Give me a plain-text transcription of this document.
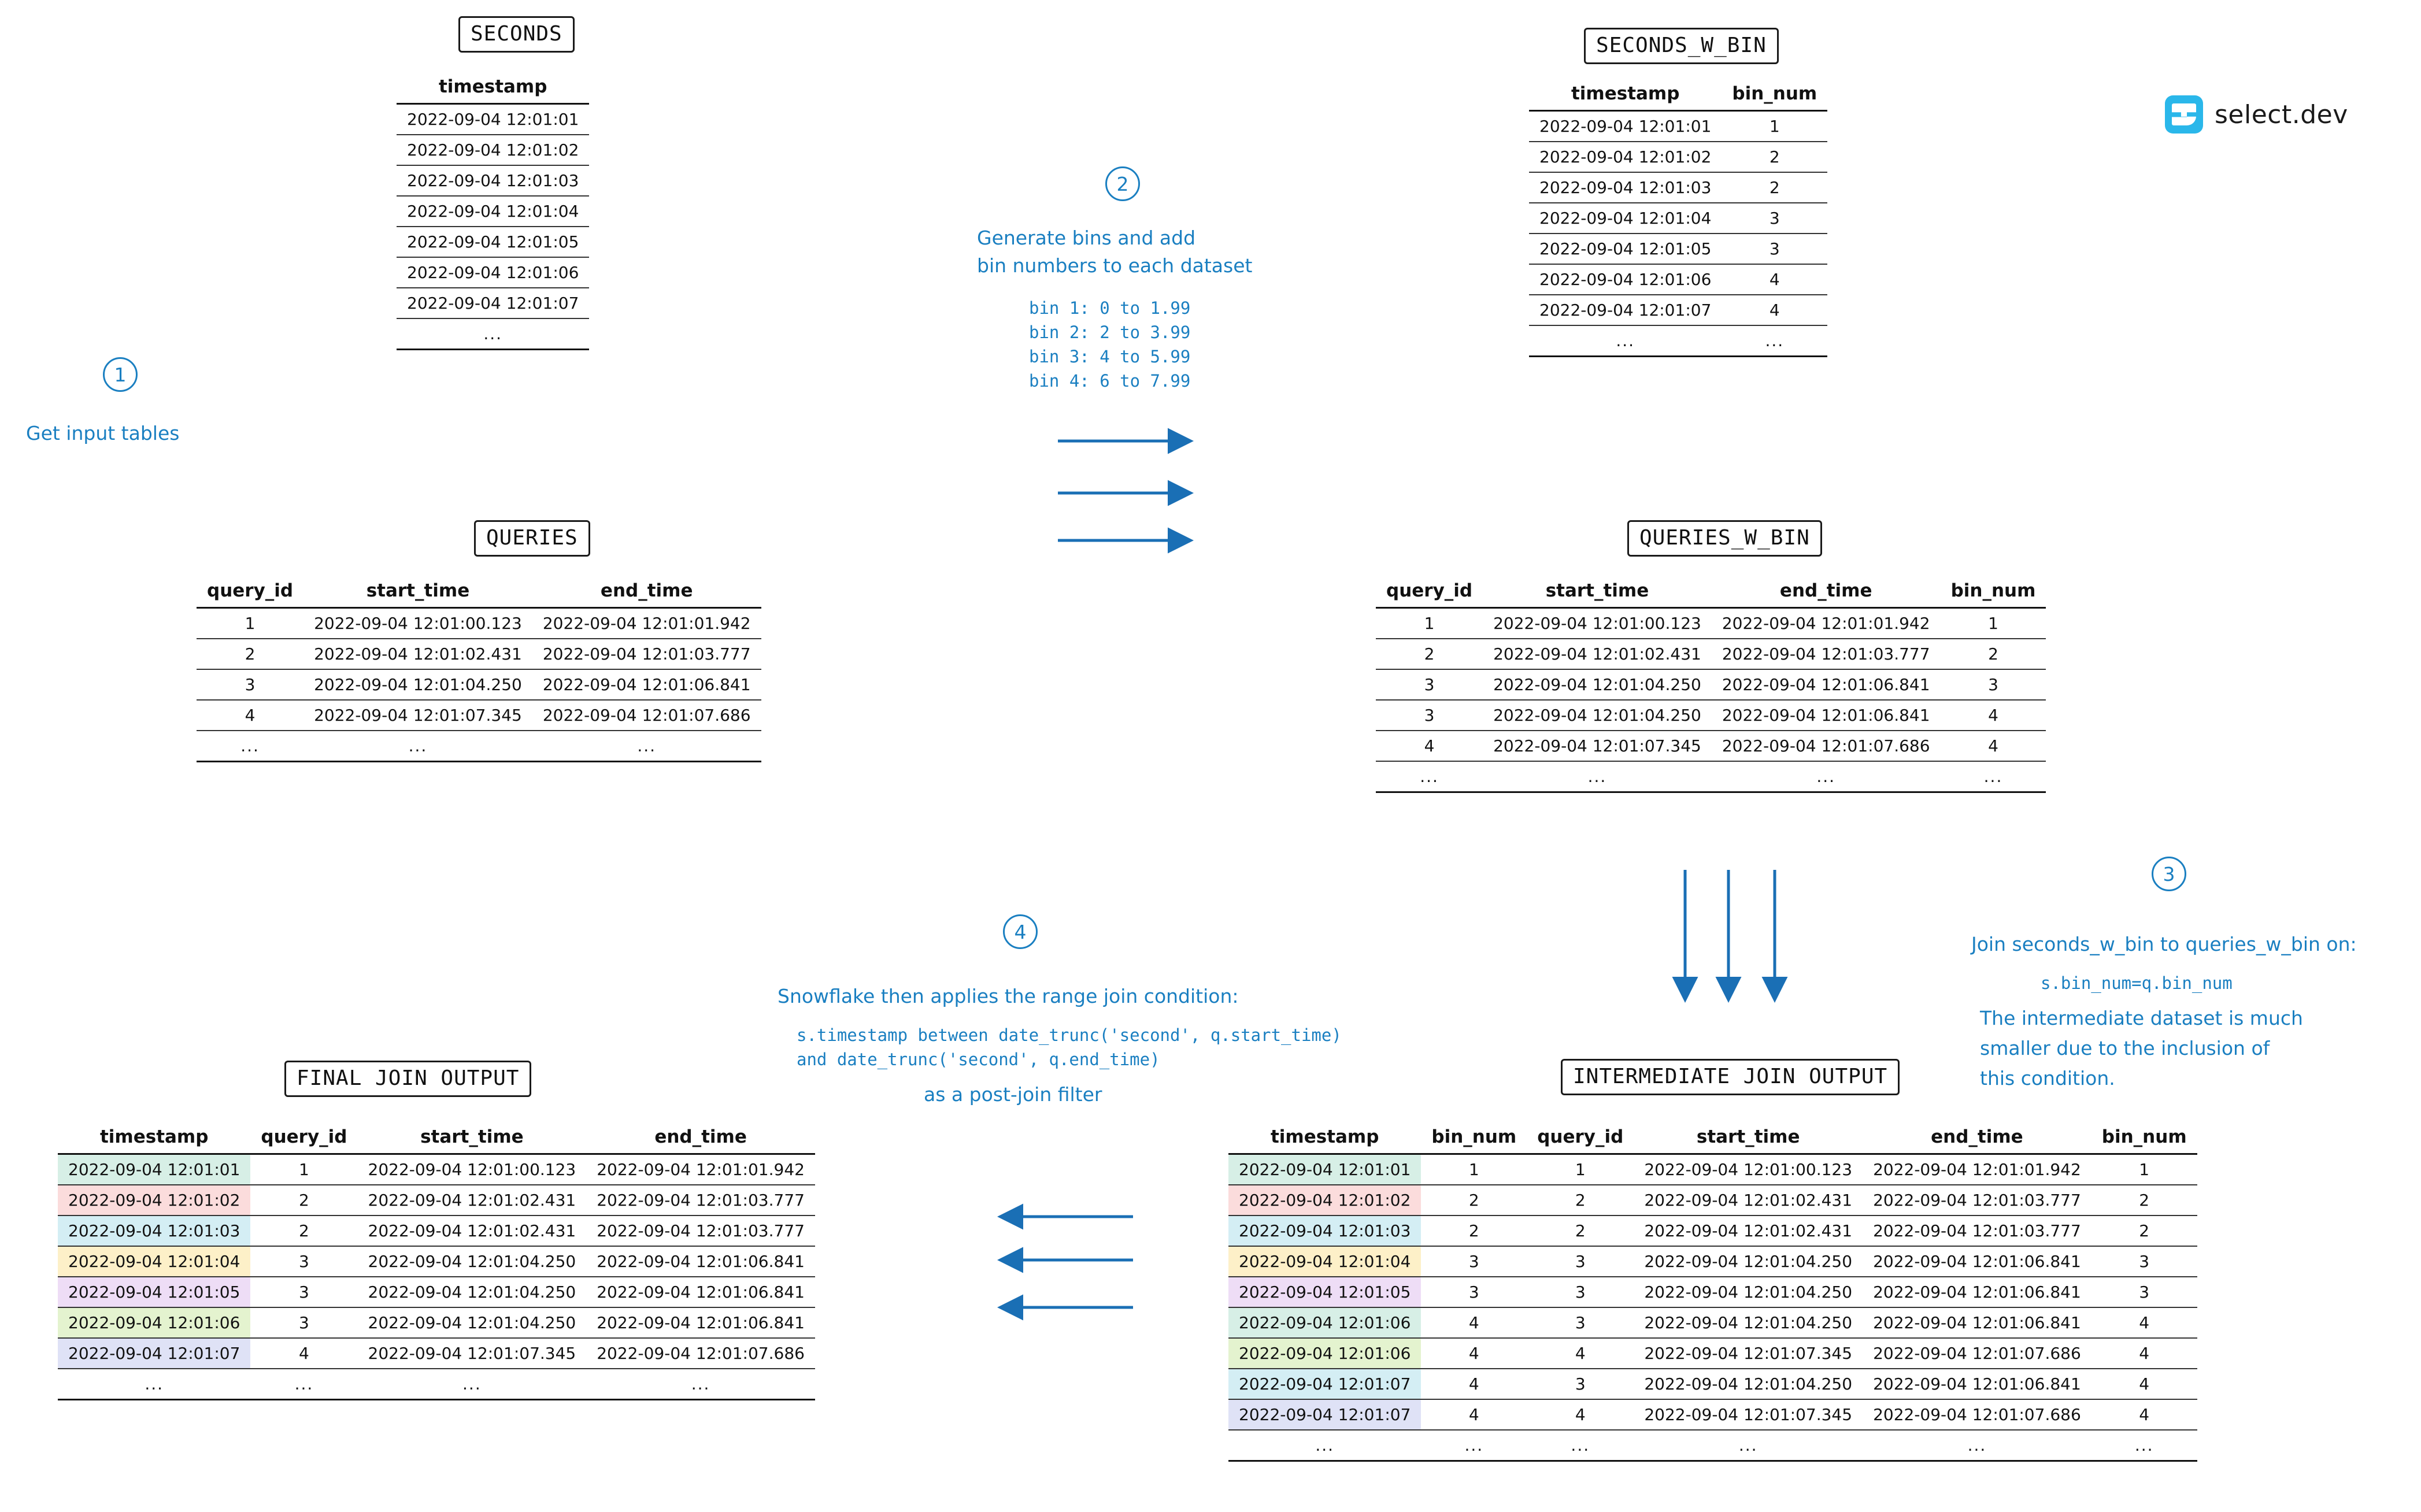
select.dev
1
Get input tables
SECONDS
timestamp
2022-09-04 12:01:01
2022-09-04 12:01:02
2022-09-04 12:01:03
2022-09-04 12:01:04
2022-09-04 12:01:05
2022-09-04 12:01:06
2022-09-04 12:01:07
...
2
Generate bins and add
bin numbers to each dataset
bin 1: 0 to 1.99
bin 2: 2 to 3.99
bin 3: 4 to 5.99
bin 4: 6 to 7.99
SECONDS_W_BIN
timestamp	bin_num
2022-09-04 12:01:01	1
2022-09-04 12:01:02	2
2022-09-04 12:01:03	2
2022-09-04 12:01:04	3
2022-09-04 12:01:05	3
2022-09-04 12:01:06	4
2022-09-04 12:01:07	4
...	...
QUERIES
query_id	start_time	end_time
1	2022-09-04 12:01:00.123	2022-09-04 12:01:01.942
2	2022-09-04 12:01:02.431	2022-09-04 12:01:03.777
3	2022-09-04 12:01:04.250	2022-09-04 12:01:06.841
4	2022-09-04 12:01:07.345	2022-09-04 12:01:07.686
...	...	...
QUERIES_W_BIN
query_id	start_time	end_time	bin_num
1	2022-09-04 12:01:00.123	2022-09-04 12:01:01.942	1
2	2022-09-04 12:01:02.431	2022-09-04 12:01:03.777	2
3	2022-09-04 12:01:04.250	2022-09-04 12:01:06.841	3
3	2022-09-04 12:01:04.250	2022-09-04 12:01:06.841	4
4	2022-09-04 12:01:07.345	2022-09-04 12:01:07.686	4
...	...	...	...
3
Join seconds_w_bin to queries_w_bin on:
s.bin_num=q.bin_num
The intermediate dataset is much
smaller due to the inclusion of
this condition.
4
Snowflake then applies the range join condition:
s.timestamp between date_trunc('second', q.start_time)
and date_trunc('second', q.end_time)
as a post-join filter
FINAL JOIN OUTPUT
timestamp	query_id	start_time	end_time
2022-09-04 12:01:01	1	2022-09-04 12:01:00.123	2022-09-04 12:01:01.942
2022-09-04 12:01:02	2	2022-09-04 12:01:02.431	2022-09-04 12:01:03.777
2022-09-04 12:01:03	2	2022-09-04 12:01:02.431	2022-09-04 12:01:03.777
2022-09-04 12:01:04	3	2022-09-04 12:01:04.250	2022-09-04 12:01:06.841
2022-09-04 12:01:05	3	2022-09-04 12:01:04.250	2022-09-04 12:01:06.841
2022-09-04 12:01:06	3	2022-09-04 12:01:04.250	2022-09-04 12:01:06.841
2022-09-04 12:01:07	4	2022-09-04 12:01:07.345	2022-09-04 12:01:07.686
...	...	...	...
INTERMEDIATE JOIN OUTPUT
timestamp	bin_num	query_id	start_time	end_time	bin_num
2022-09-04 12:01:01	1	1	2022-09-04 12:01:00.123	2022-09-04 12:01:01.942	1
2022-09-04 12:01:02	2	2	2022-09-04 12:01:02.431	2022-09-04 12:01:03.777	2
2022-09-04 12:01:03	2	2	2022-09-04 12:01:02.431	2022-09-04 12:01:03.777	2
2022-09-04 12:01:04	3	3	2022-09-04 12:01:04.250	2022-09-04 12:01:06.841	3
2022-09-04 12:01:05	3	3	2022-09-04 12:01:04.250	2022-09-04 12:01:06.841	3
2022-09-04 12:01:06	4	3	2022-09-04 12:01:04.250	2022-09-04 12:01:06.841	4
2022-09-04 12:01:06	4	4	2022-09-04 12:01:07.345	2022-09-04 12:01:07.686	4
2022-09-04 12:01:07	4	3	2022-09-04 12:01:04.250	2022-09-04 12:01:06.841	4
2022-09-04 12:01:07	4	4	2022-09-04 12:01:07.345	2022-09-04 12:01:07.686	4
...	...	...	...	...	...
